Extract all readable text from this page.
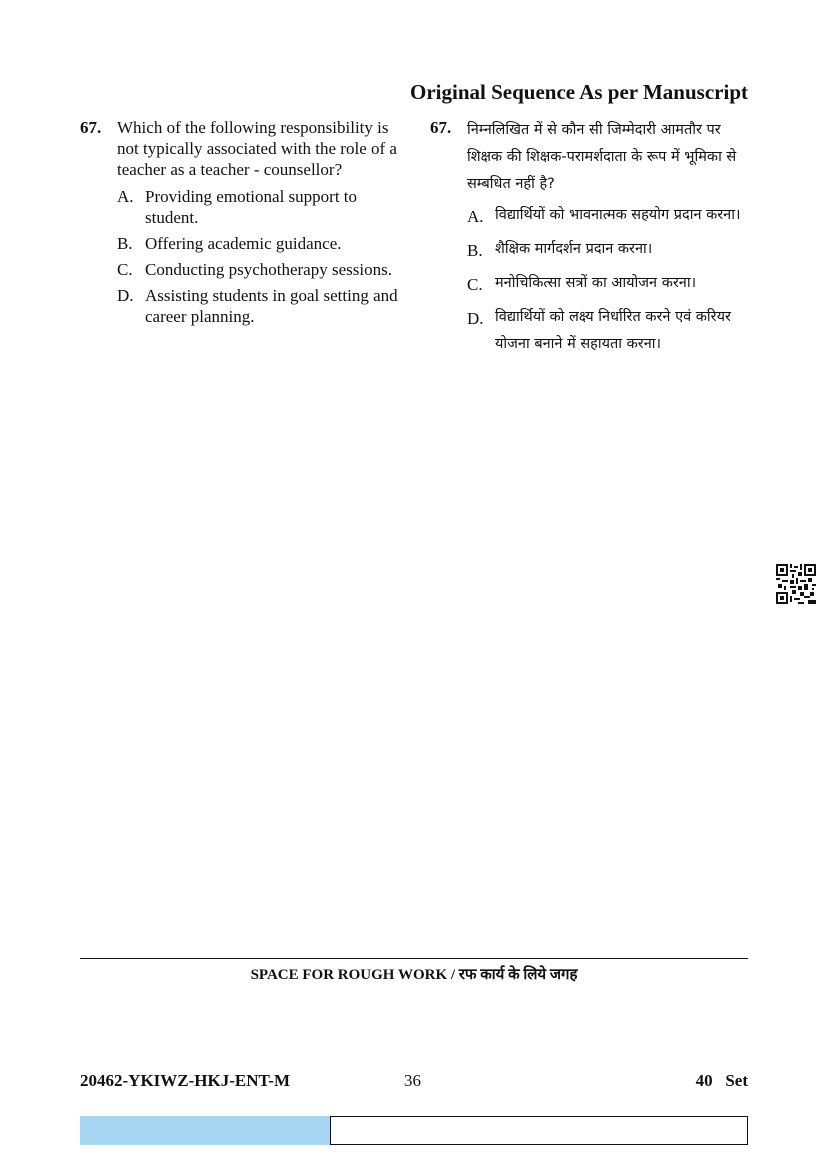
Original Sequence As per Manuscript
67. Which of the following responsibility is not typically associated with the role of a teacher as a teacher - counsellor?
A. Providing emotional support to student.
B. Offering academic guidance.
C. Conducting psychotherapy sessions.
D. Assisting students in goal setting and career planning.
67.	निम्नलिखित में से कौन सी जिम्मेदारी आमतौर पर शिक्षक की शिक्षक-परामर्शदाता के रूप में भूमिका से सम्बधित नहीं है?
A. विद्यार्थियों को भावनात्मक सहयोग प्रदान करना।
B. शैक्षिक मार्गदर्शन प्रदान करना।
C. मनोचिकित्सा सत्रों का आयोजन करना।
D. विद्यार्थियों को लक्ष्य निर्धारित करने एवं करियर योजना बनाने में सहायता करना।
SPACE FOR ROUGH WORK / रफ कार्य के लिये जगह
20462-YKIWZ-HKJ-ENT-M	36	40   Set
